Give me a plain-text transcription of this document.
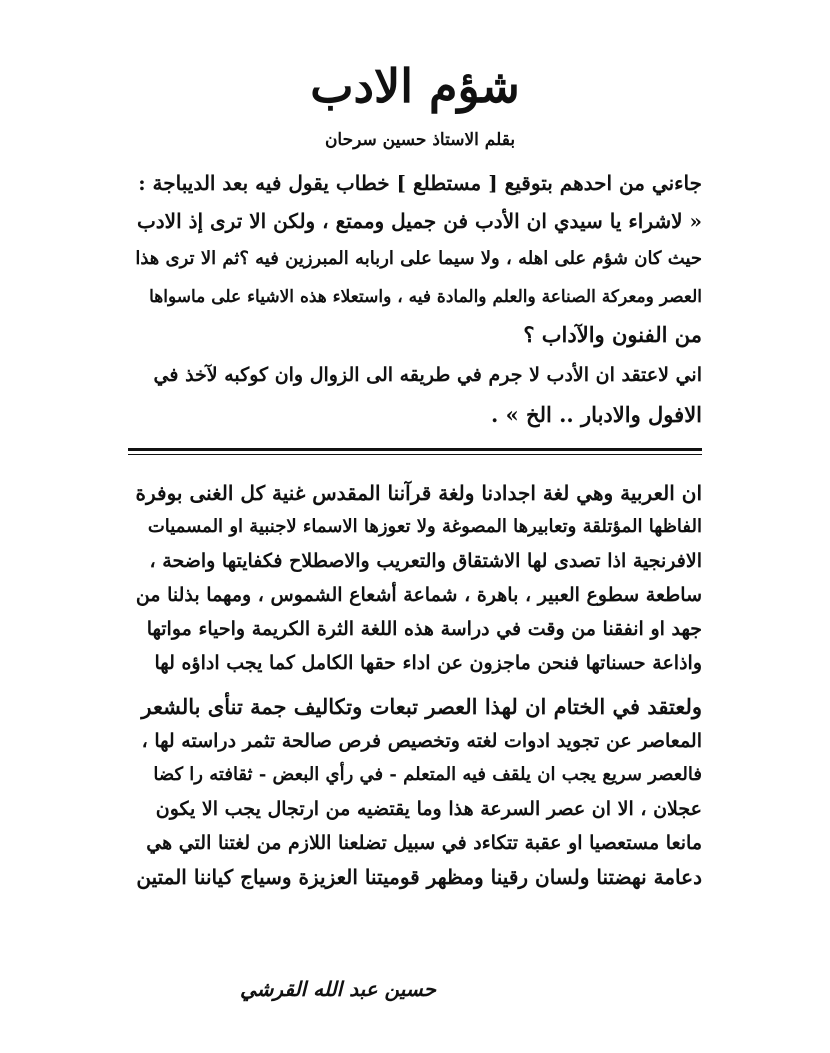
شؤم الادب
بقلم الاستاذ حسين سرحان
جاءني من احدهم بتوقيع [ مستطلع ] خطاب يقول فيه بعد الديباجة :
« لاشراء يا سيدي ان الأدب فن جميل وممتع ، ولكن الا ترى إذ الادب
حيث كان شؤم على اهله ، ولا سيما على اربابه المبرزين فيه ؟ثم الا ترى هذا
العصر ومعركة الصناعة والعلم والمادة فيه ، واستعلاء هذه الاشياء على ماسواها
من الفنون والآداب ؟
اني لاعتقد ان الأدب لا جرم في طريقه الى الزوال وان كوكبه لآخذ في
الافول والادبار .. الخ » .
ان العربية وهي لغة اجدادنا ولغة قرآننا المقدس غنية كل الغنى بوفرة
الفاظها المؤتلقة وتعابيرها المصوغة ولا تعوزها الاسماء لاجنبية او المسميات
الافرنجية اذا تصدى لها الاشتقاق والتعريب والاصطلاح فكفايتها واضحة ،
ساطعة سطوع العبير ، باهرة ، شماعة أشعاع الشموس ، ومهما بذلنا من
جهد او انفقنا من وقت في دراسة هذه اللغة الثرة الكريمة واحياء مواتها
واذاعة حسناتها فنحن ماجزون عن اداء حقها الكامل كما يجب اداؤه لها
ولعتقد في الختام ان لهذا العصر تبعات وتكاليف جمة تنأى بالشعر
المعاصر عن تجويد ادوات لغته وتخصيص فرص صالحة تثمر دراسته لها ،
فالعصر سريع يجب ان يلقف فيه المتعلم - في رأي البعض - ثقافته را كضا
عجلان ، الا ان عصر السرعة هذا وما يقتضيه من ارتجال يجب الا يكون
مانعا مستعصيا او عقبة تتكاءد في سبيل تضلعنا اللازم من لغتنا التي هي
دعامة نهضتنا ولسان رقينا ومظهر قوميتنا العزيزة وسياج كياننا المتين
حسين عبد الله القرشي
